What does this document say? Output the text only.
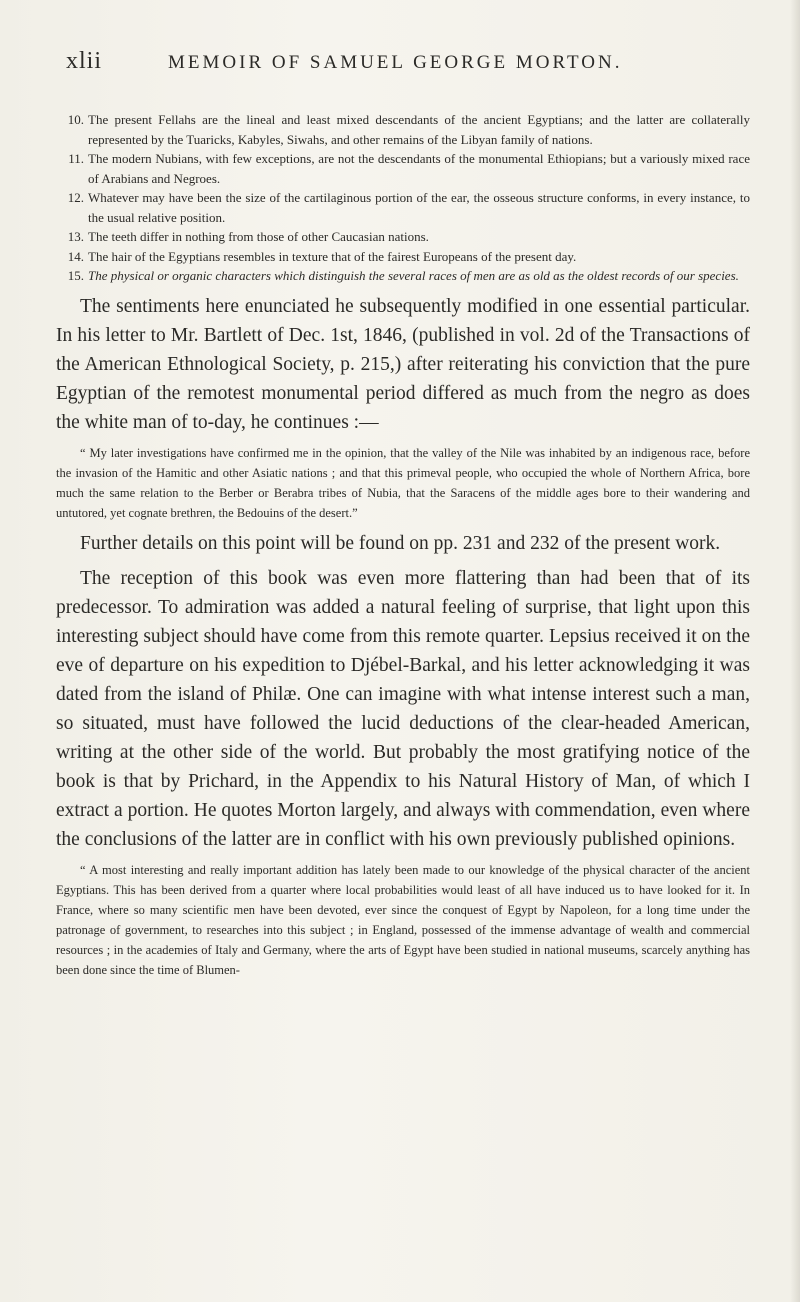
xlii	MEMOIR OF SAMUEL GEORGE MORTON.
10. The present Fellahs are the lineal and least mixed descendants of the ancient Egyptians; and the latter are collaterally represented by the Tuaricks, Kabyles, Siwahs, and other remains of the Libyan family of nations.
11. The modern Nubians, with few exceptions, are not the descendants of the monumental Ethiopians; but a variously mixed race of Arabians and Negroes.
12. Whatever may have been the size of the cartilaginous portion of the ear, the osseous structure conforms, in every instance, to the usual relative position.
13. The teeth differ in nothing from those of other Caucasian nations.
14. The hair of the Egyptians resembles in texture that of the fairest Europeans of the present day.
15. The physical or organic characters which distinguish the several races of men are as old as the oldest records of our species.

The sentiments here enunciated he subsequently modified in one essential particular. In his letter to Mr. Bartlett of Dec. 1st, 1846, (published in vol. 2d of the Transactions of the American Ethnological Society, p. 215,) after reiterating his conviction that the pure Egyptian of the remotest monumental period differed as much from the negro as does the white man of to-day, he continues :—

“ My later investigations have confirmed me in the opinion, that the valley of the Nile was inhabited by an indigenous race, before the invasion of the Hamitic and other Asiatic nations ; and that this primeval people, who occupied the whole of Northern Africa, bore much the same relation to the Berber or Berabra tribes of Nubia, that the Saracens of the middle ages bore to their wandering and untutored, yet cognate brethren, the Bedouins of the desert.”

Further details on this point will be found on pp. 231 and 232 of the present work.

The reception of this book was even more flattering than had been that of its predecessor. To admiration was added a natural feeling of surprise, that light upon this interesting subject should have come from this remote quarter. Lepsius received it on the eve of departure on his expedition to Djébel-Barkal, and his letter acknowledging it was dated from the island of Philæ. One can imagine with what intense interest such a man, so situated, must have followed the lucid deductions of the clear-headed American, writing at the other side of the world. But probably the most gratifying notice of the book is that by Prichard, in the Appendix to his Natural History of Man, of which I extract a portion. He quotes Morton largely, and always with commendation, even where the conclusions of the latter are in conflict with his own previously published opinions.

“ A most interesting and really important addition has lately been made to our knowledge of the physical character of the ancient Egyptians. This has been derived from a quarter where local probabilities would least of all have induced us to have looked for it. In France, where so many scientific men have been devoted, ever since the conquest of Egypt by Napoleon, for a long time under the patronage of government, to researches into this subject ; in England, possessed of the immense advantage of wealth and commercial resources ; in the academies of Italy and Germany, where the arts of Egypt have been studied in national museums, scarcely anything has been done since the time of Blumen-
